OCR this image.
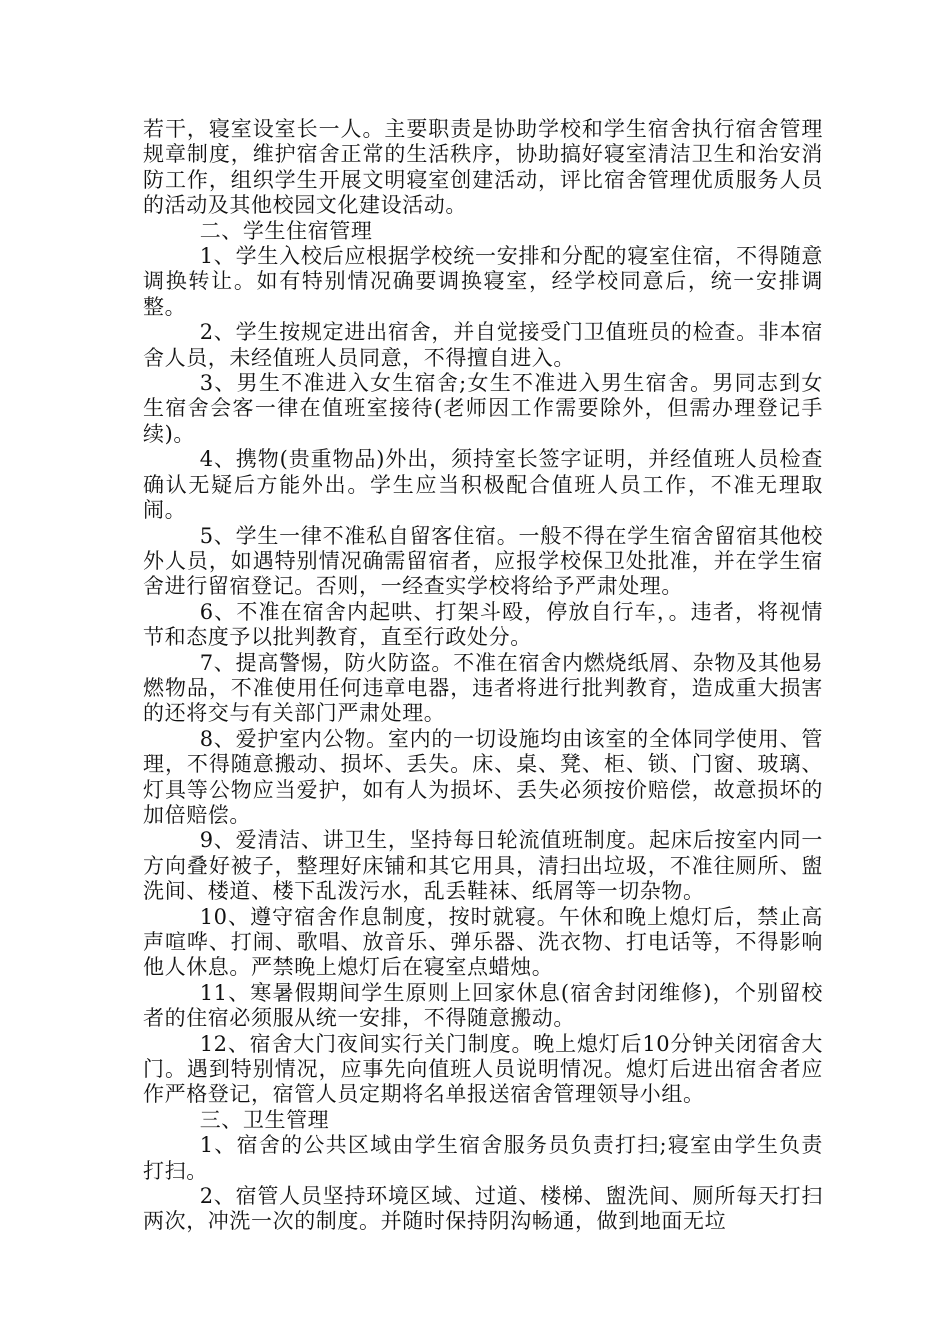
若干，寝室设室长一人。主要职责是协助学校和学生宿舍执行宿舍管理规章制度，维护宿舍正常的生活秩序，协助搞好寝室清洁卫生和治安消防工作，组织学生开展文明寝室创建活动，评比宿舍管理优质服务人员的活动及其他校园文化建设活动。

二、学生住宿管理

1、学生入校后应根据学校统一安排和分配的寝室住宿，不得随意调换转让。如有特别情况确要调换寝室，经学校同意后，统一安排调整。

2、学生按规定进出宿舍，并自觉接受门卫值班员的检查。非本宿舍人员，未经值班人员同意，不得擅自进入。

3、男生不准进入女生宿舍;女生不准进入男生宿舍。男同志到女生宿舍会客一律在值班室接待(老师因工作需要除外，但需办理登记手续)。

4、携物(贵重物品)外出，须持室长签字证明，并经值班人员检查确认无疑后方能外出。学生应当积极配合值班人员工作，不准无理取闹。

5、学生一律不准私自留客住宿。一般不得在学生宿舍留宿其他校外人员，如遇特别情况确需留宿者，应报学校保卫处批准，并在学生宿舍进行留宿登记。否则，一经查实学校将给予严肃处理。

6、不准在宿舍内起哄、打架斗殴，停放自行车，。违者，将视情节和态度予以批判教育，直至行政处分。

7、提高警惕，防火防盗。不准在宿舍内燃烧纸屑、杂物及其他易燃物品，不准使用任何违章电器，违者将进行批判教育，造成重大损害的还将交与有关部门严肃处理。

8、爱护室内公物。室内的一切设施均由该室的全体同学使用、管理，不得随意搬动、损坏、丢失。床、桌、凳、柜、锁、门窗、玻璃、灯具等公物应当爱护，如有人为损坏、丢失必须按价赔偿，故意损坏的加倍赔偿。

9、爱清洁、讲卫生，坚持每日轮流值班制度。起床后按室内同一方向叠好被子，整理好床铺和其它用具，清扫出垃圾，不准往厕所、盥洗间、楼道、楼下乱泼污水，乱丢鞋袜、纸屑等一切杂物。

10、遵守宿舍作息制度，按时就寝。午休和晚上熄灯后，禁止高声喧哗、打闹、歌唱、放音乐、弹乐器、洗衣物、打电话等，不得影响他人休息。严禁晚上熄灯后在寝室点蜡烛。

11、寒暑假期间学生原则上回家休息(宿舍封闭维修)，个别留校者的住宿必须服从统一安排，不得随意搬动。

12、宿舍大门夜间实行关门制度。晚上熄灯后10分钟关闭宿舍大门。遇到特别情况，应事先向值班人员说明情况。熄灯后进出宿舍者应作严格登记，宿管人员定期将名单报送宿舍管理领导小组。

三、卫生管理

1、宿舍的公共区域由学生宿舍服务员负责打扫;寝室由学生负责打扫。

2、宿管人员坚持环境区域、过道、楼梯、盥洗间、厕所每天打扫两次，冲洗一次的制度。并随时保持阴沟畅通，做到地面无垃
